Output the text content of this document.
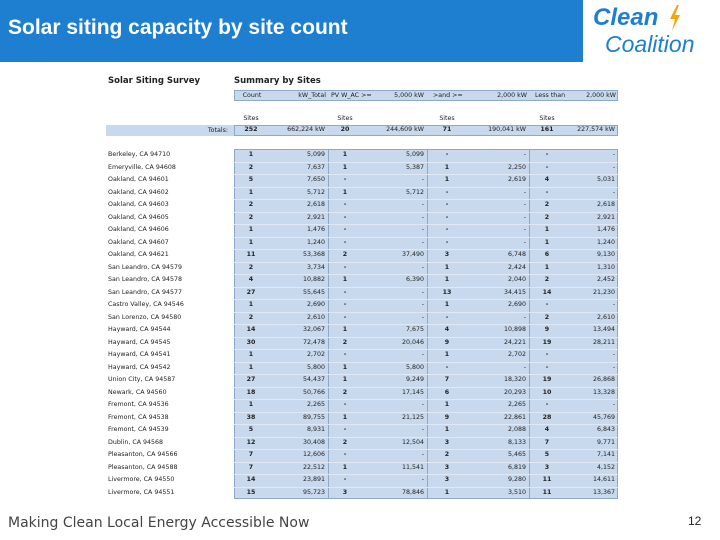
Solar siting capacity by site count	Clean
Coalition
Solar Siting Survey	Summary by Sites
Count	kW_Total PV W_AC >=	5,000 kW	>and >=	2,000 kW	Less than	2,000 kW
Sites	Sites	Sites	Sites
Totals:	252	662,224 kW	20	244,609 kW	71	190,041 kW	161	227,574 kW
Berkeley, CA 94710	1	5,099	1	5,099	-	-	-	-
Emeryville, CA 94608	2	7,637	1	5,387	1	2,250	-	-
Oakland, CA 94601	5	7,650	-	-	1	2,619	4	5,031
Oakland, CA 94602	1	5,712	1	5,712	-	-	-	-
Oakland, CA 94603	2	2,618	-	-	-	-	2	2,618
Oakland, CA 94605	2	2,921	-	-	-	-	2	2,921
Oakland, CA 94606	1	1,476	-	-	-	-	1	1,476
Oakland, CA 94607	1	1,240	-	-	-	-	1	1,240
Oakland, CA 94621	11	53,368	2	37,490	3	6,748	6	9,130
San Leandro, CA 94579	2	3,734	-	-	1	2,424	1	1,310
San Leandro, CA 94578	4	10,882	1	6,390	1	2,040	2	2,452
San Leandro, CA 94577	27	55,645	-	-	13	34,415	14	21,230
Castro Valley, CA 94546	1	2,690	-	-	1	2,690	-	-
San Lorenzo, CA 94580	2	2,610	-	-	-	-	2	2,610
Hayward, CA 94544	14	32,067	1	7,675	4	10,898	9	13,494
Hayward, CA 94545	30	72,478	2	20,046	9	24,221	19	28,211
Hayward, CA 94541	1	2,702	-	-	1	2,702	-	-
Hayward, CA 94542	1	5,800	1	5,800	-	-	-	-
Union City, CA 94587	27	54,437	1	9,249	7	18,320	19	26,868
Newark, CA 94560	18	50,766	2	17,145	6	20,293	10	13,328
Fremont, CA 94536	1	2,265	-	-	1	2,265	-	-
Fremont, CA 94538	38	89,755	1	21,125	9	22,861	28	45,769
Fremont, CA 94539	5	8,931	-	-	1	2,088	4	6,843
Dublin, CA 94568	12	30,408	2	12,504	3	8,133	7	9,771
Pleasanton, CA 94566	7	12,606	-	-	2	5,465	5	7,141
Pleasanton, CA 94588	7	22,512	1	11,541	3	6,819	3	4,152
Livermore, CA 94550	14	23,891	-	-	3	9,280	11	14,611
Livermore, CA 94551	15	95,723	3	78,846	1	3,510	11	13,367
Making Clean Local Energy Accessible Now	12
